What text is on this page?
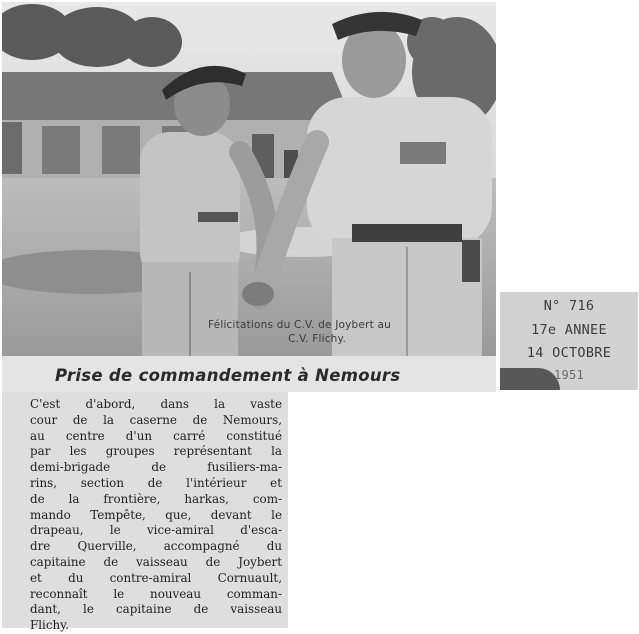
Félicitations du C.V. de Joybert au

C.V. Flichy.
Prise de commandement à Nemours
N° 716
17e ANNEE
14 OCTOBRE
1951
C'est d'abord, dans la vaste
cour de la caserne de Nemours,
au centre d'un carré constitué
par les groupes représentant la
demi-brigade de fusiliers-ma-
rins, section de l'intérieur et
de la frontière, harkas, com-
mando Tempête, que, devant le
drapeau, le vice-amiral d'esca-
dre Querville, accompagné du
capitaine de vaisseau de Joybert
et du contre-amiral Cornuault,
reconnaît le nouveau comman-
dant, le capitaine de vaisseau
Flichy.
